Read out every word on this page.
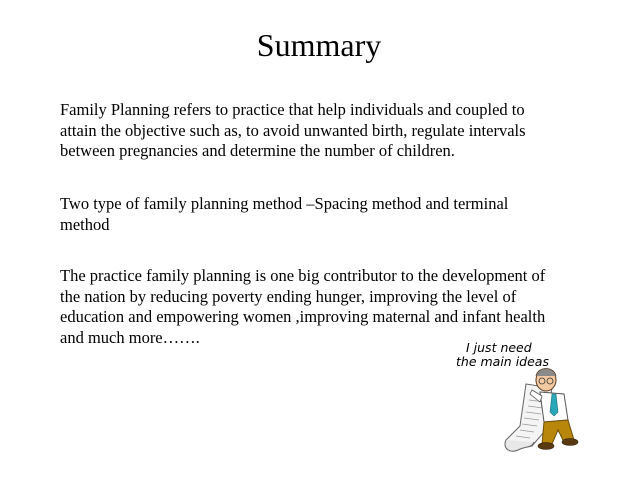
Summary

Family Planning refers to practice that help individuals and coupled to
attain the objective such as, to avoid unwanted birth, regulate intervals
between pregnancies and determine the number of children.

Two type of family planning method –Spacing method and terminal
method

The practice family planning is one big contributor to the development of
the nation by reducing poverty ending hunger, improving the level of
education and empowering women ,improving maternal and infant health
and much more…….

I just need
the main ideas
